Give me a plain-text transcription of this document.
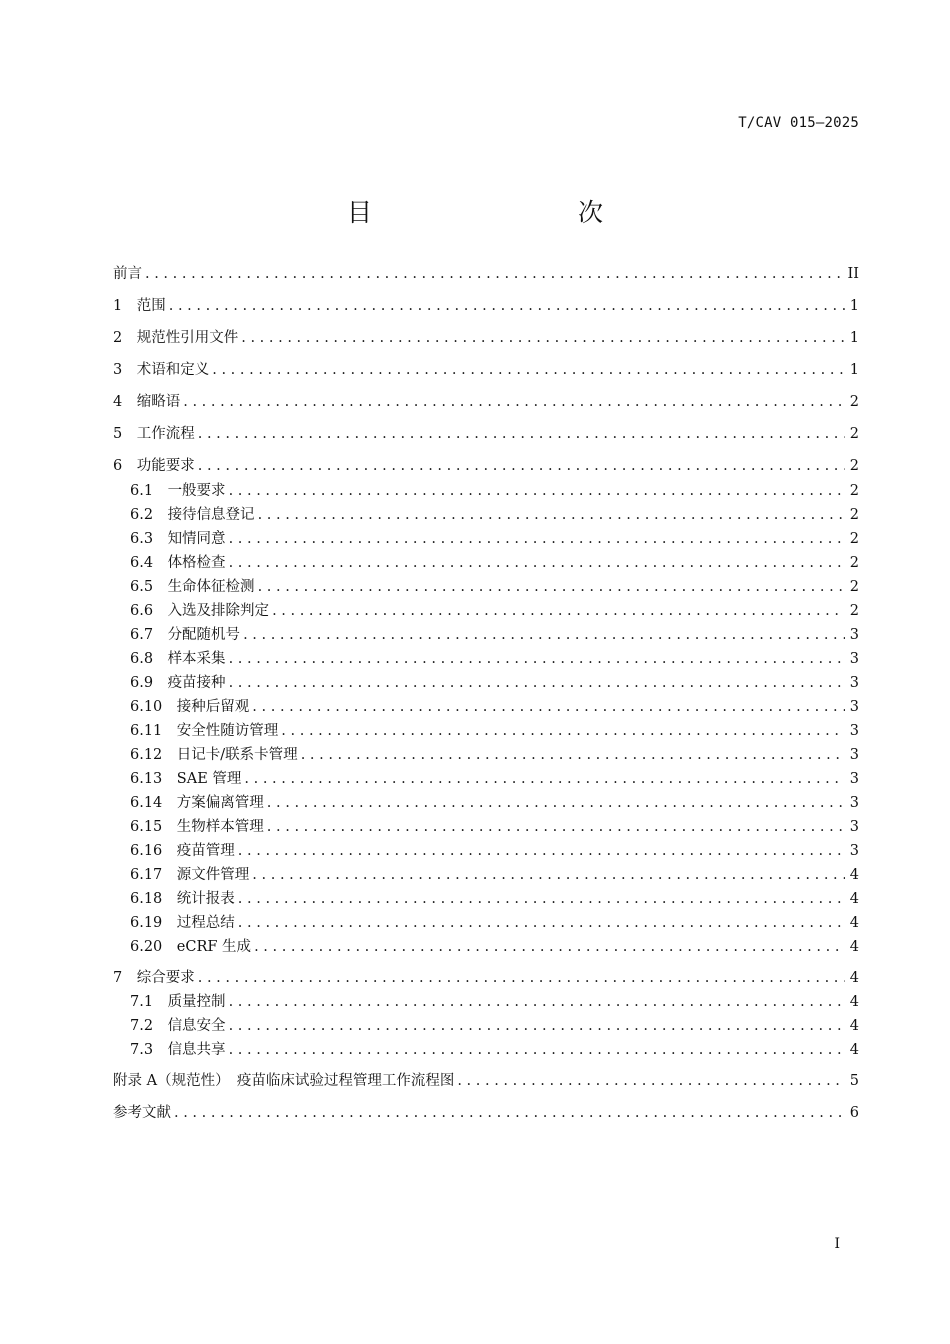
T/CAV 015—2025
目　　次
前言 . . .	II
1　 范围 . . .	1
2　 规范性引用文件 . . .	1
3　 术语和定义 . . .	1
4　 缩略语 . . .	2
5　 工作流程 . . .	2
6　 功能要求 . . .	2
6.1　 一般要求 . . .	2
6.2　 接待信息登记 . . .	2
6.3　 知情同意 . . .	2
6.4　 体格检查 . . .	2
6.5　 生命体征检测 . . .	2
6.6　 入选及排除判定 . . .	2
6.7　 分配随机号 . . .	3
6.8　 样本采集 . . .	3
6.9　 疫苗接种 . . .	3
6.10　 接种后留观 . . .	3
6.11　 安全性随访管理 . . .	3
6.12　 日记卡/联系卡管理 . . .	3
6.13　 SAE 管理 . . .	3
6.14　 方案偏离管理 . . .	3
6.15　 生物样本管理 . . .	3
6.16　 疫苗管理 . . .	3
6.17　 源文件管理 . . .	4
6.18　 统计报表 . . .	4
6.19　 过程总结 . . .	4
6.20　 eCRF 生成 . . .	4
7　 综合要求 . . .	4
7.1　 质量控制 . . .	4
7.2　 信息安全 . . .	4
7.3　 信息共享 . . .	4
附录 A（规范性）　疫苗临床试验过程管理工作流程图 . . .	5
参考文献 . . .	6
I
